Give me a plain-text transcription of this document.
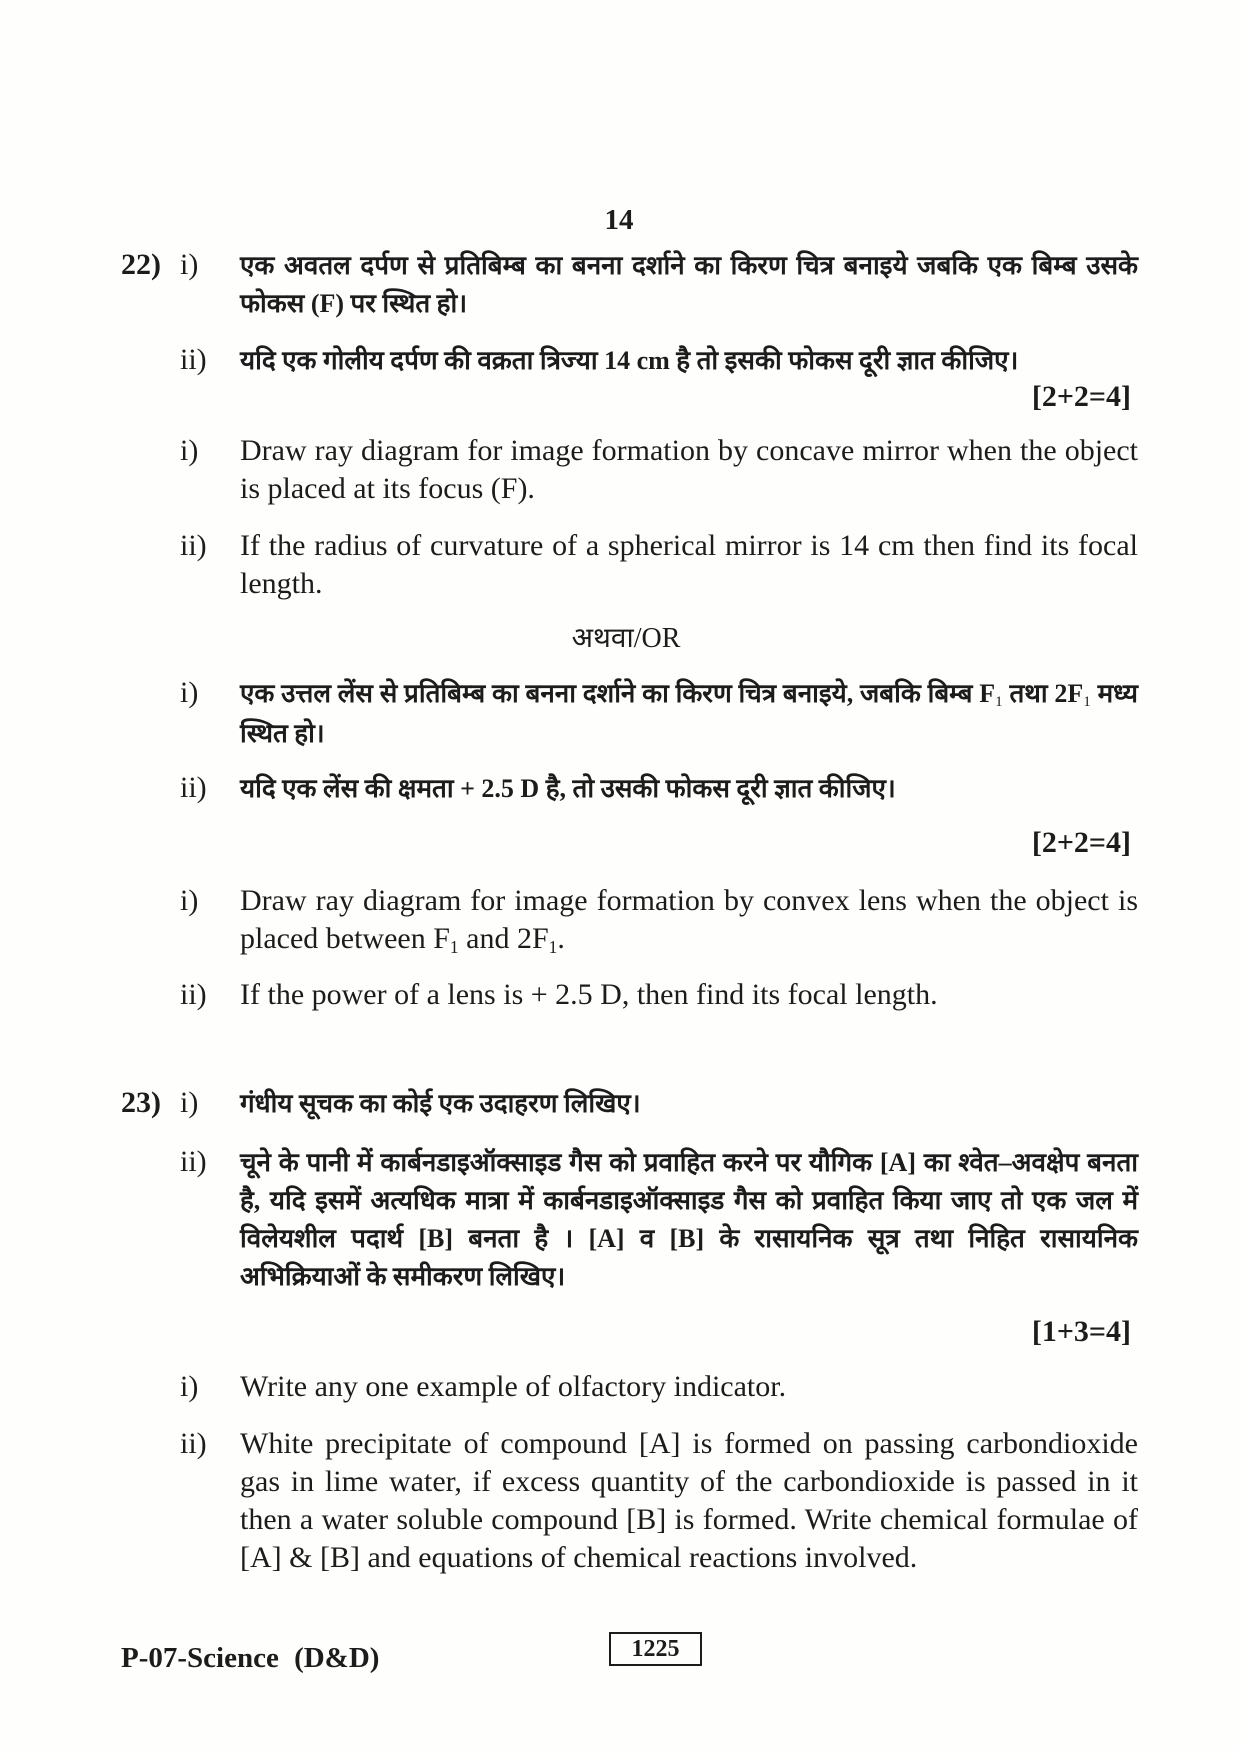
14
22) i)	एक अवतल दर्पण से प्रतिबिम्ब का बनना दर्शाने का किरण चित्र बनाइये जबकि एक बिम्ब उसके फोकस (F) पर स्थित हो।
ii)	यदि एक गोलीय दर्पण की वक्रता त्रिज्या 14 cm है तो इसकी फोकस दूरी ज्ञात कीजिए।
[2+2=4]
i)	Draw ray diagram for image formation by concave mirror when the object is placed at its focus (F).
ii)	If the radius of curvature of a spherical mirror is 14 cm then find its focal length.
अथवा/OR
i)	एक उत्तल लेंस से प्रतिबिम्ब का बनना दर्शाने का किरण चित्र बनाइये, जबकि बिम्ब $F_1$ तथा $2F_1$ मध्य स्थित हो।
ii)	यदि एक लेंस की क्षमता + 2.5 D है, तो उसकी फोकस दूरी ज्ञात कीजिए।
[2+2=4]
i)	Draw ray diagram for image formation by convex lens when the object is placed between $F_1$ and $2F_1$.
ii)	If the power of a lens is + 2.5 D, then find its focal length.
23) i)	गंधीय सूचक का कोई एक उदाहरण लिखिए।
ii)	चूने के पानी में कार्बनडाइऑक्साइड गैस को प्रवाहित करने पर यौगिक [A] का श्वेत–अवक्षेप बनता है, यदि इसमें अत्यधिक मात्रा में कार्बनडाइऑक्साइड गैस को प्रवाहित किया जाए तो एक जल में विलेयशील पदार्थ [B] बनता है । [A] व [B] के रासायनिक सूत्र तथा निहित रासायनिक अभिक्रियाओं के समीकरण लिखिए।
[1+3=4]
i)	Write any one example of olfactory indicator.
ii)	White precipitate of compound [A] is formed on passing carbondioxide gas in lime water, if excess quantity of the carbondioxide is passed in it then a water soluble compound [B] is formed. Write chemical formulae of [A] & [B] and equations of chemical reactions involved.
P-07-Science (D&D)	1225
